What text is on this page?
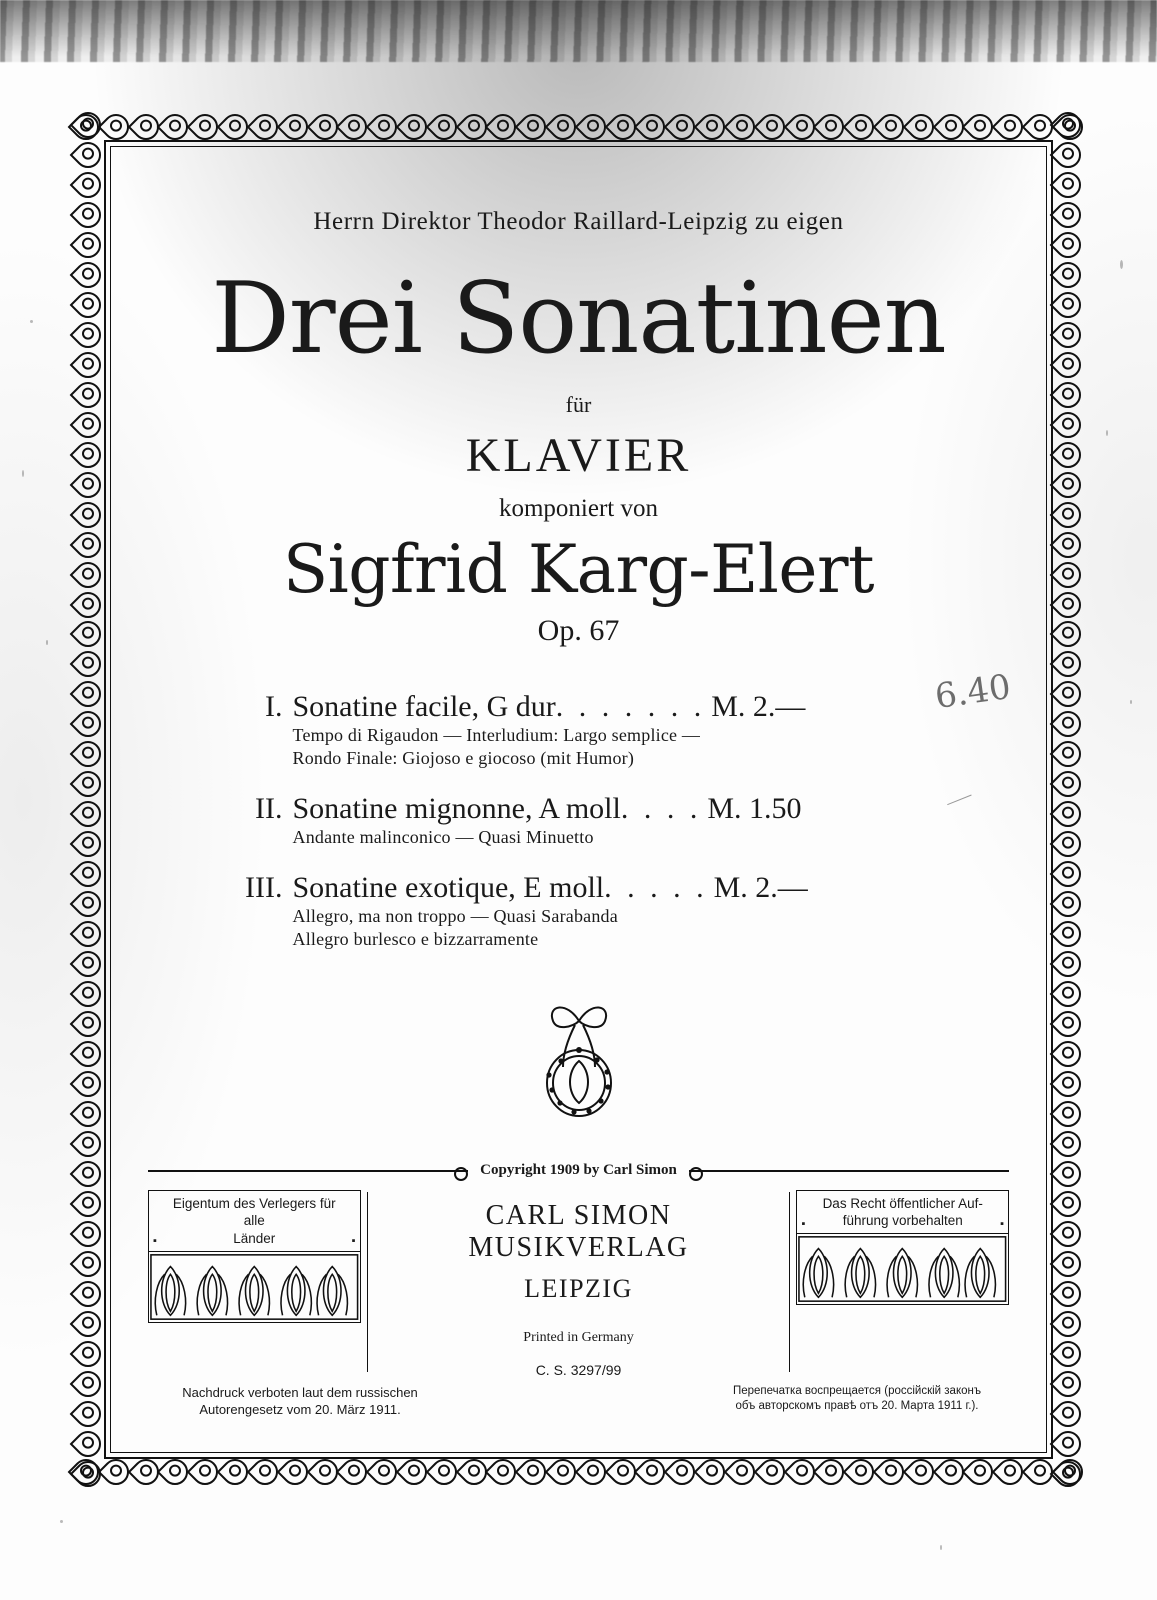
Herrn Direktor Theodor Raillard-Leipzig zu eigen
Drei Sonatinen
für
KLAVIER
komponiert von
Sigfrid Karg-Elert
Op. 67
I. Sonatine facile, G dur. . . . . . . M. 2.—
Tempo di Rigaudon — Interludium: Largo semplice —
Rondo Finale: Giojoso e giocoso (mit Humor)
6.40
II. Sonatine mignonne, A moll. . . . M. 1.50
Andante malinconico — Quasi Minuetto
III. Sonatine exotique, E moll. . . . . M. 2.—
Allegro, ma non troppo — Quasi Sarabanda
Allegro burlesco e bizzarramente
Copyright 1909 by Carl Simon
▪ Eigentum des Verlegers für alle
Länder
▪
CARL SIMON MUSIKVERLAG
LEIPZIG
Printed in Germany
C. S. 3297/99
▪ Das Recht öffentlicher Auf-
führung vorbehalten
▪
Nachdruck verboten laut dem russischen
Autorengesetz vom 20. März 1911.
Перепечатка воспрещается (россійскій законъ
объ авторскомъ правѣ отъ 20. Марта 1911 г.).
